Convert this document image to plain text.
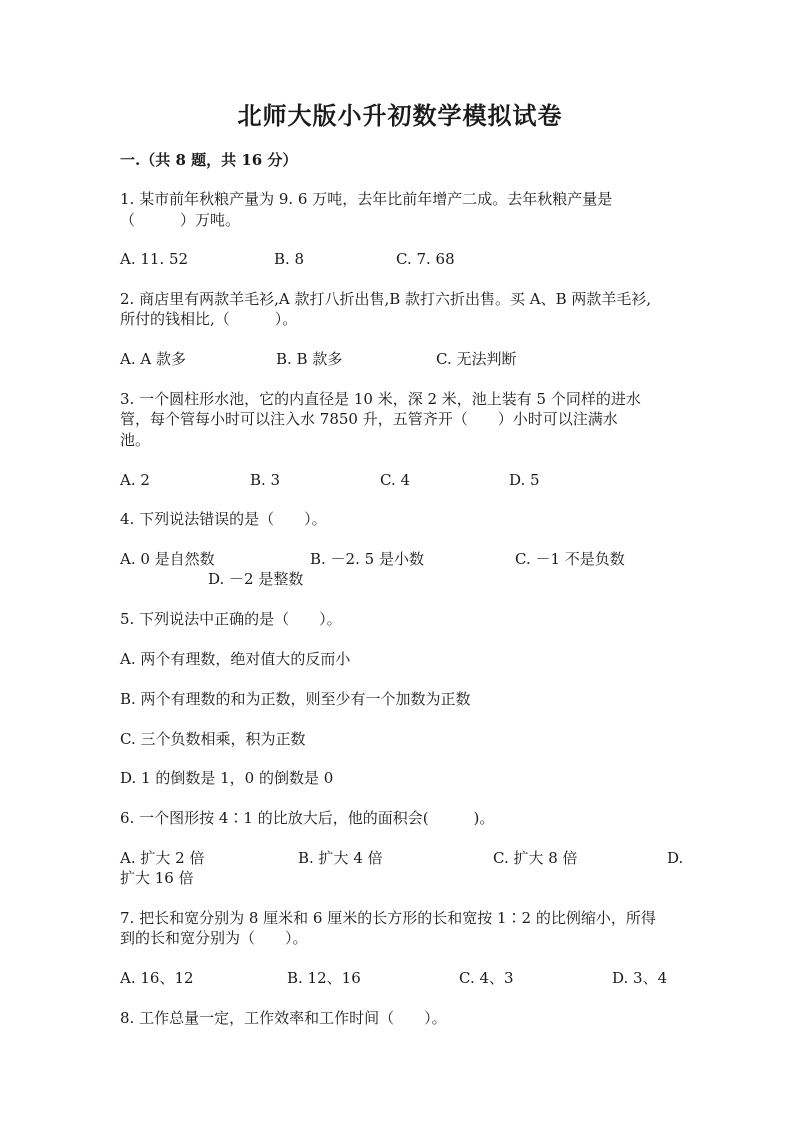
北师大版小升初数学模拟试卷
一.（共 8 题，共 16 分）
1. 某市前年秋粮产量为 9. 6 万吨，去年比前年增产二成。去年秋粮产量是
（　　　）万吨。
A. 11. 52	B. 8	C. 7. 68
2. 商店里有两款羊毛衫,A 款打八折出售,B 款打六折出售。买 A、B 两款羊毛衫,
所付的钱相比,（　　　）。
A. A 款多	B. B 款多	C. 无法判断
3. 一个圆柱形水池，它的内直径是 10 米，深 2 米，池上装有 5 个同样的进水
管，每个管每小时可以注入水 7850 升，五管齐开（　　）小时可以注满水
池。
A. 2	B. 3	C. 4	D. 5
4. 下列说法错误的是（　　）。
A. 0 是自然数	B. －2. 5 是小数	C. －1 不是负数
D. －2 是整数
5. 下列说法中正确的是（　　）。
A. 两个有理数，绝对值大的反而小
B. 两个有理数的和为正数，则至少有一个加数为正数
C. 三个负数相乘，积为正数
D. 1 的倒数是 1，0 的倒数是 0
6. 一个图形按 4∶1 的比放大后，他的面积会(　　　)。
A. 扩大 2 倍	B. 扩大 4 倍	C. 扩大 8 倍	D.
扩大 16 倍
7. 把长和宽分别为 8 厘米和 6 厘米的长方形的长和宽按 1∶2 的比例缩小，所得
到的长和宽分别为（　　）。
A. 16、12	B. 12、16	C. 4、3	D. 3、4
8. 工作总量一定，工作效率和工作时间（　　）。
